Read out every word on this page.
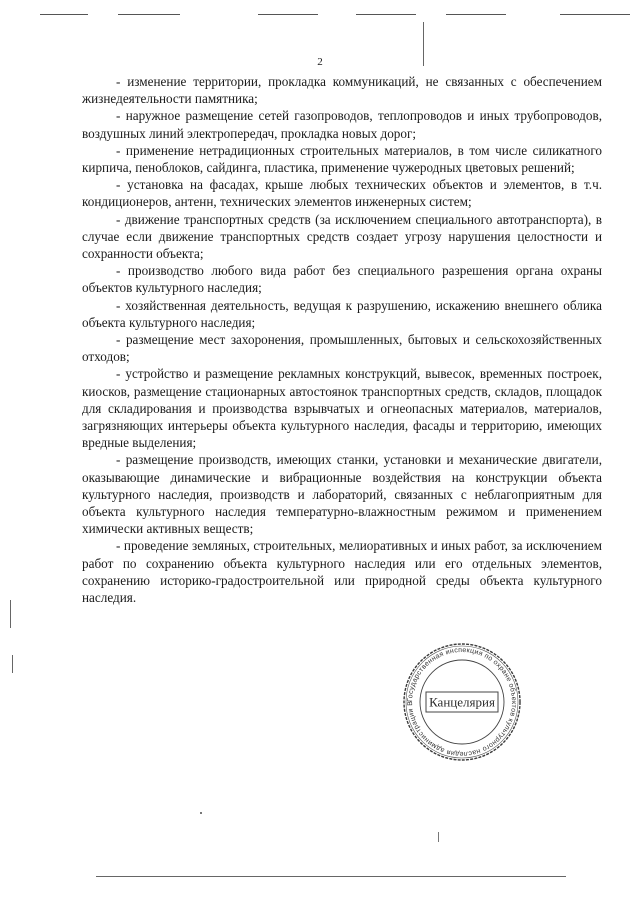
2

- изменение территории, прокладка коммуникаций, не связанных с обеспечением жизнедеятельности памятника;

- наружное размещение сетей газопроводов, теплопроводов и иных трубопроводов, воздушных линий электропередач, прокладка новых дорог;

- применение нетрадиционных строительных материалов, в том числе силикатного кирпича, пеноблоков, сайдинга, пластика, применение чужеродных цветовых решений;

- установка на фасадах, крыше любых технических объектов и элементов, в т.ч. кондиционеров, антенн, технических элементов инженерных систем;

- движение транспортных средств (за исключением специального автотранспорта), в случае если движение транспортных средств создает угрозу нарушения целостности и сохранности объекта;

- производство любого вида работ без специального разрешения органа охраны объектов культурного наследия;

- хозяйственная деятельность, ведущая к разрушению, искажению внешнего облика объекта культурного наследия;

- размещение мест захоронения, промышленных, бытовых и сельскохозяйственных отходов;

- устройство и размещение рекламных конструкций, вывесок, временных построек, киосков, размещение стационарных автостоянок транспортных средств, складов, площадок для складирования и производства взрывчатых и огнеопасных материалов, материалов, загрязняющих интерьеры объекта культурного наследия, фасады и территорию, имеющих вредные выделения;

- размещение производств, имеющих станки, установки и механические двигатели, оказывающие динамические и вибрационные воздействия на конструкции объекта культурного наследия, производств и лабораторий, связанных с неблагоприятным для объекта культурного наследия температурно-влажностным режимом и применением химически активных веществ;

- проведение земляных, строительных, мелиоративных и иных работ, за исключением работ по сохранению объекта культурного наследия или его отдельных элементов, сохранению историко-градостроительной или природной среды объекта культурного наследия.

Государственная инспекция по охране объектов культурного наследия администрации В	Канцелярия
